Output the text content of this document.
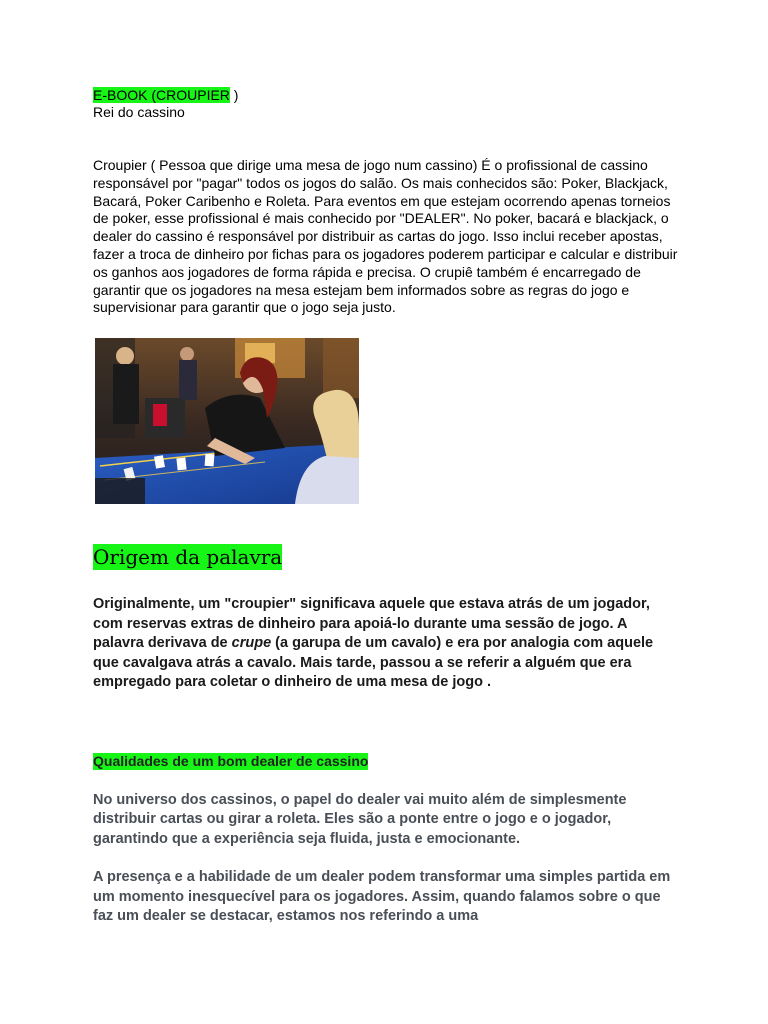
E-BOOK (CROUPIER )

Rei do cassino

Croupier ( Pessoa que dirige uma mesa de jogo num cassino) É o profissional de cassino responsável por "pagar" todos os jogos do salão. Os mais conhecidos são: Poker, Blackjack, Bacará, Poker Caribenho e Roleta. Para eventos em que estejam ocorrendo apenas torneios de poker, esse profissional é mais conhecido por "DEALER". No poker, bacará e blackjack, o dealer do cassino é responsável por distribuir as cartas do jogo. Isso inclui receber apostas, fazer a troca de dinheiro por fichas para os jogadores poderem participar e calcular e distribuir os ganhos aos jogadores de forma rápida e precisa. O crupiê também é encarregado de garantir que os jogadores na mesa estejam bem informados sobre as regras do jogo e supervisionar para garantir que o jogo seja justo.

Origem da palavra

Originalmente, um "croupier" significava aquele que estava atrás de um jogador, com reservas extras de dinheiro para apoiá-lo durante uma sessão de jogo. A palavra derivava de crupe (a garupa de um cavalo) e era por analogia com aquele que cavalgava atrás a cavalo. Mais tarde, passou a se referir a alguém que era empregado para coletar o dinheiro de uma mesa de jogo .

Qualidades de um bom dealer de cassino

No universo dos cassinos, o papel do dealer vai muito além de simplesmente distribuir cartas ou girar a roleta. Eles são a ponte entre o jogo e o jogador, garantindo que a experiência seja fluida, justa e emocionante.

A presença e a habilidade de um dealer podem transformar uma simples partida em um momento inesquecível para os jogadores. Assim, quando falamos sobre o que faz um dealer se destacar, estamos nos referindo a uma
